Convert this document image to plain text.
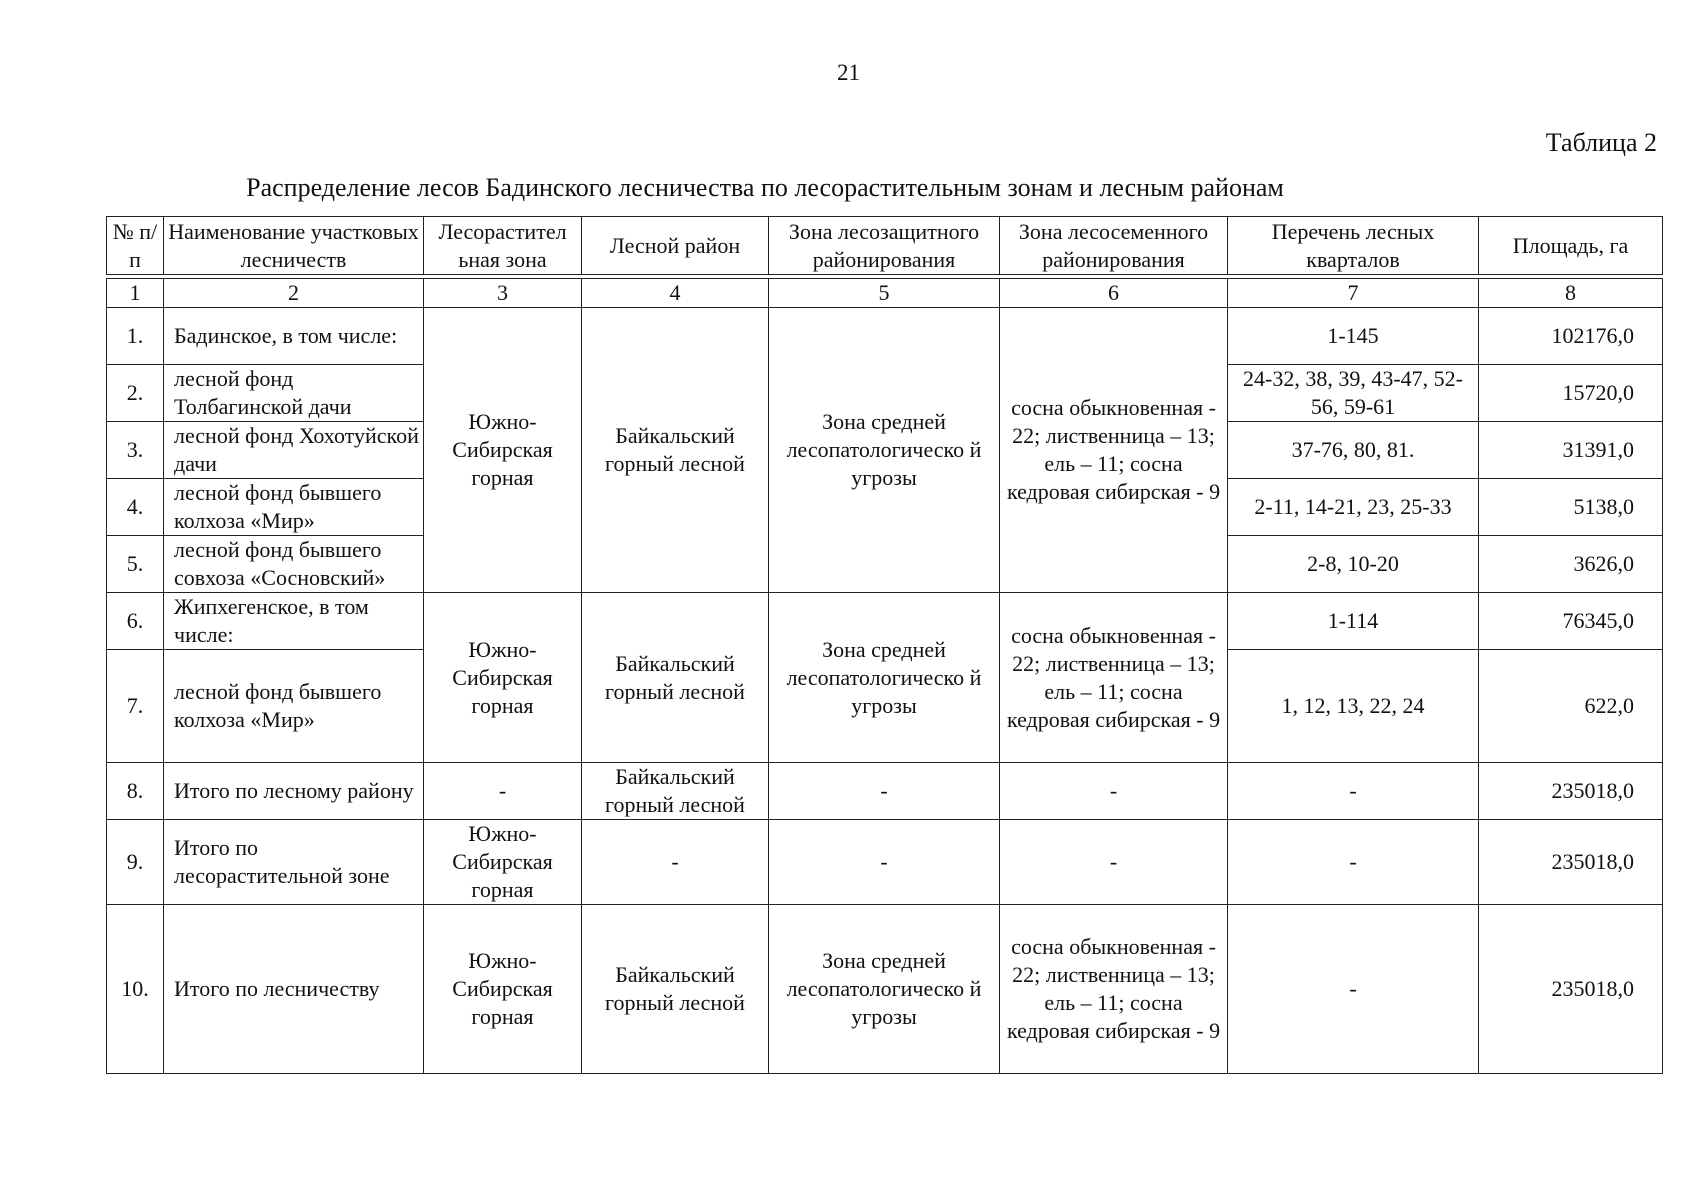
21
Таблица 2
Распределение лесов Бадинского лесничества по лесорастительным зонам и лесным районам
№ п/п	Наименование участковых лесничеств	Лесорастител ьная зона	Лесной район	Зона лесозащитного районирования	Зона лесосеменного районирования	Перечень лесных кварталов	Площадь, га
1	2	3	4	5	6	7	8
1.	Бадинское, в том числе:	Южно-Сибирская горная	Байкальский горный лесной	Зона средней лесопатологическо й угрозы	сосна обыкновенная - 22; лиственница – 13; ель – 11; сосна кедровая сибирская - 9	1-145	102176,0
2.	лесной фонд Толбагинской дачи					24-32, 38, 39, 43-47, 52-56, 59-61	15720,0
3.	лесной фонд Хохотуйской дачи					37-76, 80, 81.	31391,0
4.	лесной фонд бывшего колхоза «Мир»					2-11, 14-21, 23, 25-33	5138,0
5.	лесной фонд бывшего совхоза «Сосновский»					2-8, 10-20	3626,0
6.	Жипхегенское, в том числе:	Южно-Сибирская горная	Байкальский горный лесной	Зона средней лесопатологическо й угрозы	сосна обыкновенная - 22; лиственница – 13; ель – 11; сосна кедровая сибирская - 9	1-114	76345,0
7.	лесной фонд бывшего колхоза «Мир»					1, 12, 13, 22, 24	622,0
8.	Итого по лесному району	-	Байкальский горный лесной	-	-	-	235018,0
9.	Итого по лесорастительной зоне	Южно-Сибирская горная	-	-	-	-	235018,0
10.	Итого по лесничеству	Южно-Сибирская горная	Байкальский горный лесной	Зона средней лесопатологическо й угрозы	сосна обыкновенная - 22; лиственница – 13; ель – 11; сосна кедровая сибирская - 9	-	235018,0
